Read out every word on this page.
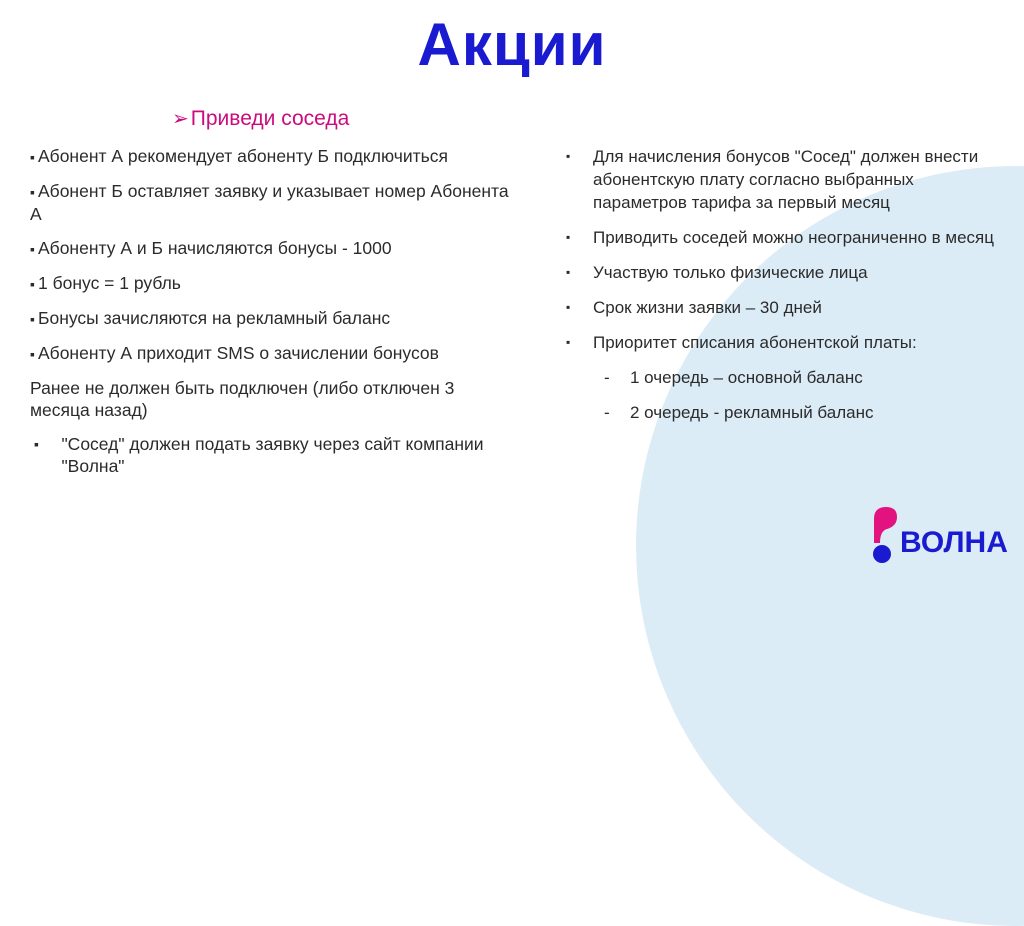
Акции
➢Приведи соседа
▪ Абонент А рекомендует абоненту Б подключиться
▪ Абонент Б оставляет заявку и указывает номер Абонента А
▪ Абоненту А и Б начисляются бонусы - 1000
▪ 1 бонус = 1 рубль
▪ Бонусы зачисляются на рекламный баланс
▪ Абоненту А приходит SMS о зачислении бонусов
Ранее не должен быть подключен (либо отключен 3 месяца назад)
▪	"Сосед" должен подать заявку через сайт компании "Волна"
▪	Для начисления бонусов "Сосед" должен внести абонентскую плату согласно выбранных параметров тарифа за первый месяц
▪	Приводить соседей можно неограниченно в месяц
▪	Участвую только физические лица
▪	Срок жизни заявки – 30 дней
▪	Приоритет списания абонентской платы:
-	1 очередь – основной баланс
-	2 очередь - рекламный баланс
ВОЛНА
